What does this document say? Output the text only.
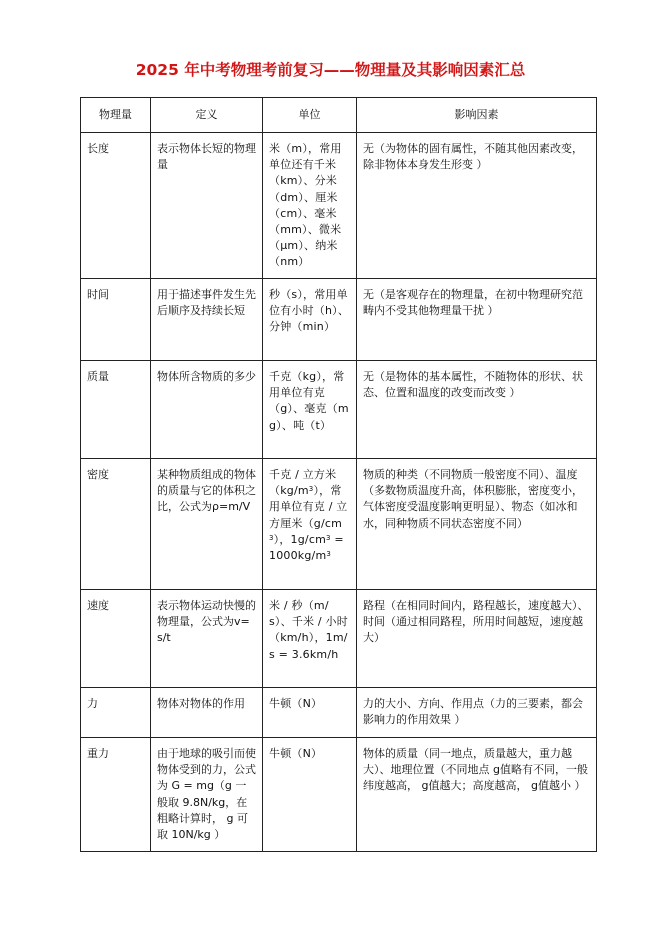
2025 年中考物理考前复习——物理量及其影响因素汇总
物理量	定义	单位	影响因素
长度	表示物体长短的物理量	米（m），常用单位还有千米（km）、分米（dm）、厘米（cm）、毫米（mm）、微米（μm）、纳米（nm）	无（为物体的固有属性，不随其他因素改变，除非物体本身发生形变 ）
时间	用于描述事件发生先后顺序及持续长短	秒（s），常用单位有小时（h）、分钟（min）	无（是客观存在的物理量，在初中物理研究范畴内不受其他物理量干扰 ）
质量	物体所含物质的多少	千克（kg），常用单位有克（g）、毫克（mg）、吨（t）	无（是物体的基本属性，不随物体的形状、状态、位置和温度的改变而改变 ）
密度	某种物质组成的物体的质量与它的体积之比，公式为ρ=m/V	千克 / 立方米$(kg/m^3)$，常用单位有克 / 立方厘米$(g/cm^3)$，$1g/cm^3 = 1000kg/m^3$	物质的种类（不同物质一般密度不同）、温度（多数物质温度升高，体积膨胀，密度变小，气体密度受温度影响更明显）、物态（如冰和水，同种物质不同状态密度不同）
速度	表示物体运动快慢的物理量，公式为v=s/t	米 / 秒（m/s）、千米 / 小时（km/h），1m/s = 3.6km/h	路程（在相同时间内，路程越长，速度越大）、时间（通过相同路程，所用时间越短，速度越大）
力	物体对物体的作用	牛顿（N）	力的大小、方向、作用点（力的三要素，都会影响力的作用效果 ）
重力	由于地球的吸引而使物体受到的力，公式为 G = mg（g 一般取 9.8N/kg，在粗略计算时， g 可取 10N/kg ）	牛顿（N）	物体的质量（同一地点，质量越大，重力越大）、地理位置（不同地点 g值略有不同，一般纬度越高， g值越大；高度越高， g值越小 ）
